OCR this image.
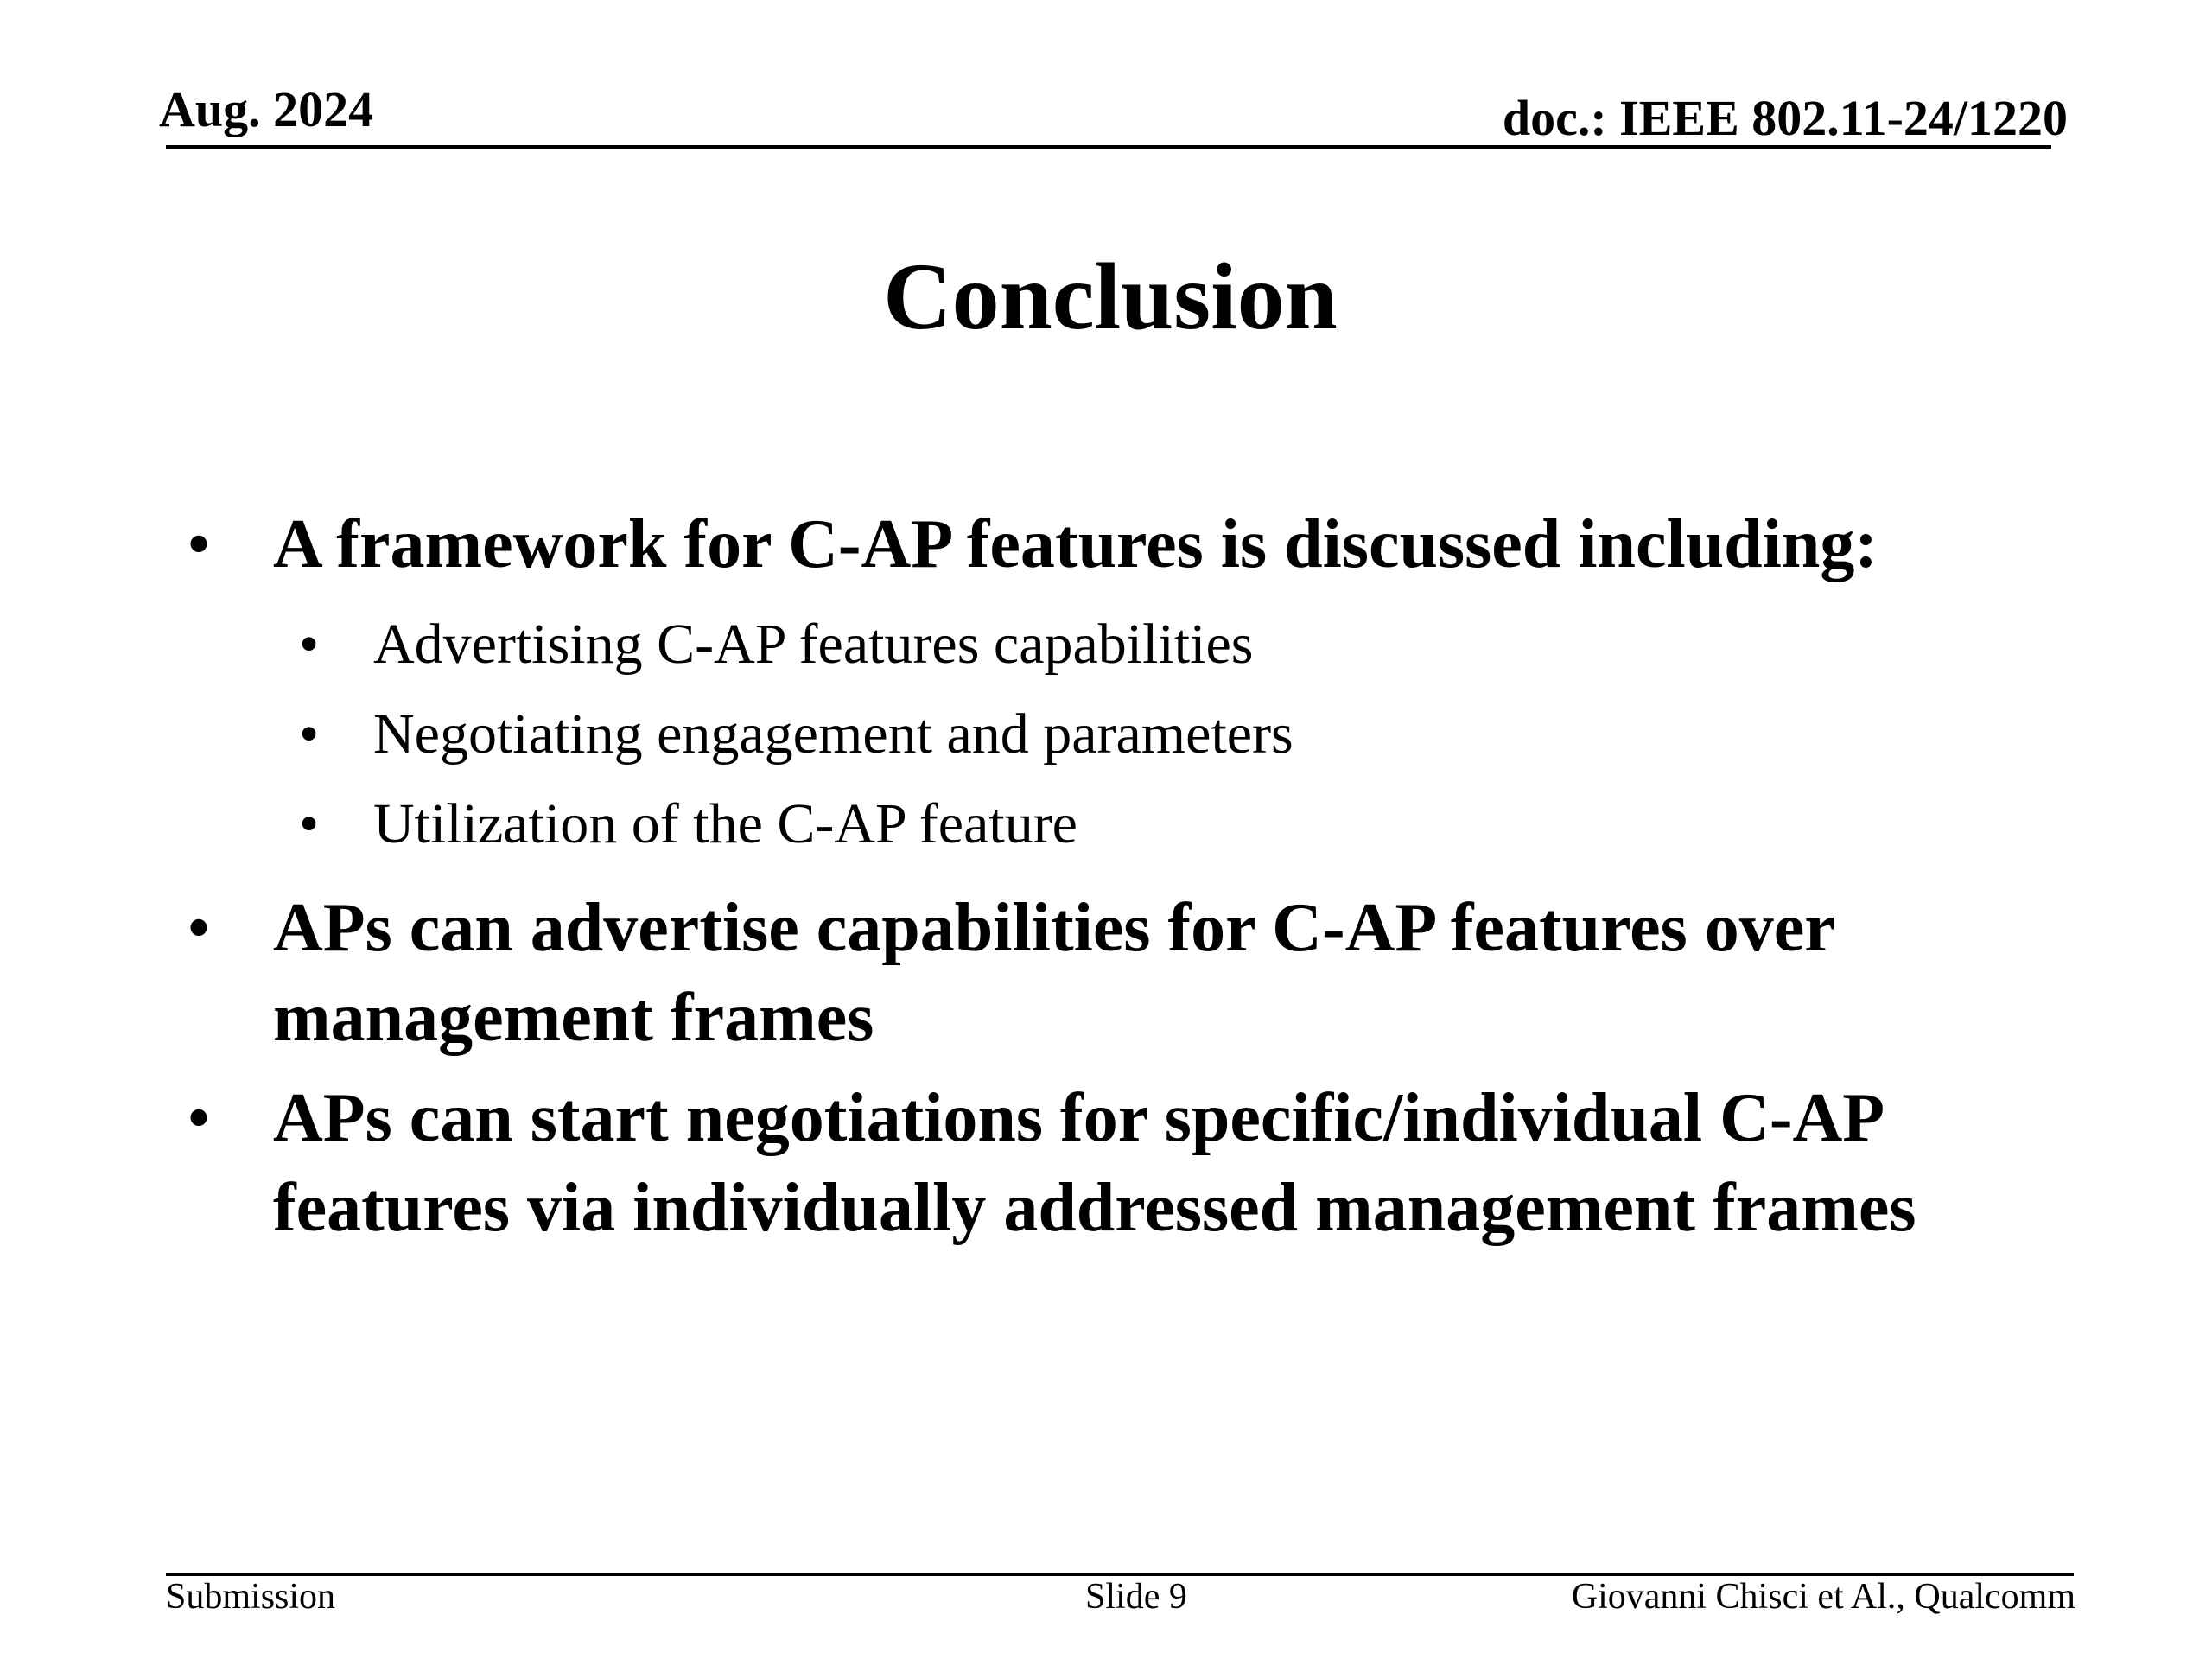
Aug. 2024	doc.: IEEE 802.11-24/1220
Conclusion
• A framework for C-AP features is discussed including:
• Advertising C-AP features capabilities
• Negotiating engagement and parameters
• Utilization of the C-AP feature
• APs can advertise capabilities for C-AP features over management frames
• APs can start negotiations for specific/individual C-AP features via individually addressed management frames
Submission	Slide 9	Giovanni Chisci et Al., Qualcomm
